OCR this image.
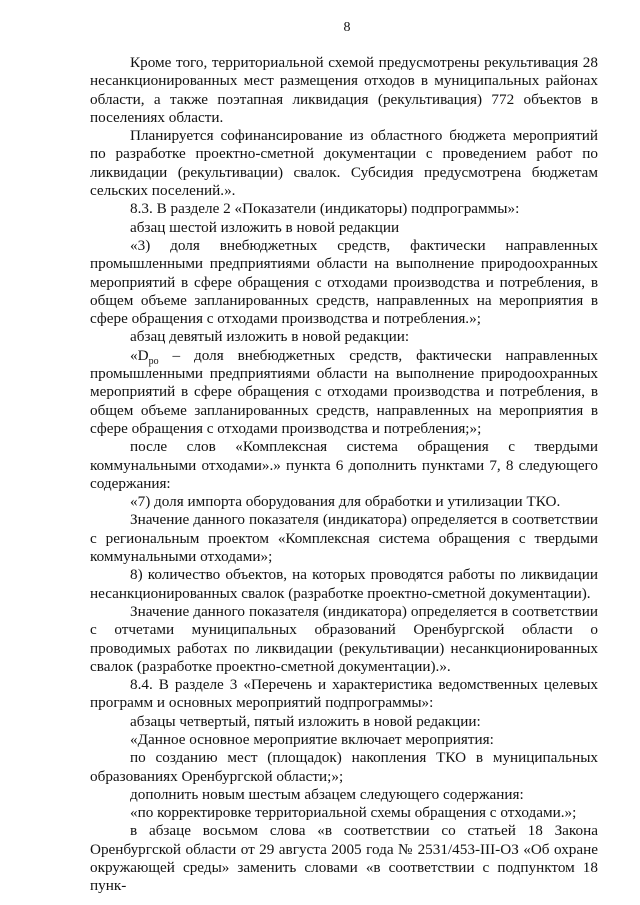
8

Кроме того, территориальной схемой предусмотрены рекультивация 28 несанкционированных мест размещения отходов в муниципальных районах области, а также поэтапная ликвидация (рекультивация) 772 объектов в поселениях области.

Планируется софинансирование из областного бюджета мероприятий по разработке проектно-сметной документации с проведением работ по ликвидации (рекультивации) свалок. Субсидия предусмотрена бюджетам сельских поселений.».

8.3. В разделе 2 «Показатели (индикаторы) подпрограммы»:

абзац шестой изложить в новой редакции

«3) доля внебюджетных средств, фактически направленных промышленными предприятиями области на выполнение природоохранных мероприятий в сфере обращения с отходами производства и потребления, в общем объеме запланированных средств, направленных на мероприятия в сфере обращения с отходами производства и потребления.»;

абзац девятый изложить в новой редакции:

«$D_{ро}$ – доля внебюджетных средств, фактически направленных промышленными предприятиями области на выполнение природоохранных мероприятий в сфере обращения с отходами производства и потребления, в общем объеме запланированных средств, направленных на мероприятия в сфере обращения с отходами производства и потребления;»;

после слов «Комплексная система обращения с твердыми коммунальными отходами».» пункта 6 дополнить пунктами 7, 8 следующего содержания:

«7) доля импорта оборудования для обработки и утилизации ТКО.

Значение данного показателя (индикатора) определяется в соответствии с региональным проектом «Комплексная система обращения с твердыми коммунальными отходами»;

8) количество объектов, на которых проводятся работы по ликвидации несанкционированных свалок (разработке проектно-сметной документации).

Значение данного показателя (индикатора) определяется в соответствии с отчетами муниципальных образований Оренбургской области о проводимых работах по ликвидации (рекультивации) несанкционированных свалок (разработке проектно-сметной документации).».

8.4. В разделе 3 «Перечень и характеристика ведомственных целевых программ и основных мероприятий подпрограммы»:

абзацы четвертый, пятый изложить в новой редакции:

«Данное основное мероприятие включает мероприятия:

по созданию мест (площадок) накопления ТКО в муниципальных образованиях Оренбургской области;»;

дополнить новым шестым абзацем следующего содержания:

«по корректировке территориальной схемы обращения с отходами.»;

в абзаце восьмом слова «в соответствии со статьей 18 Закона Оренбургской области от 29 августа 2005 года № 2531/453-III-ОЗ «Об охране окружающей среды» заменить словами «в соответствии с подпунктом 18 пунк-
